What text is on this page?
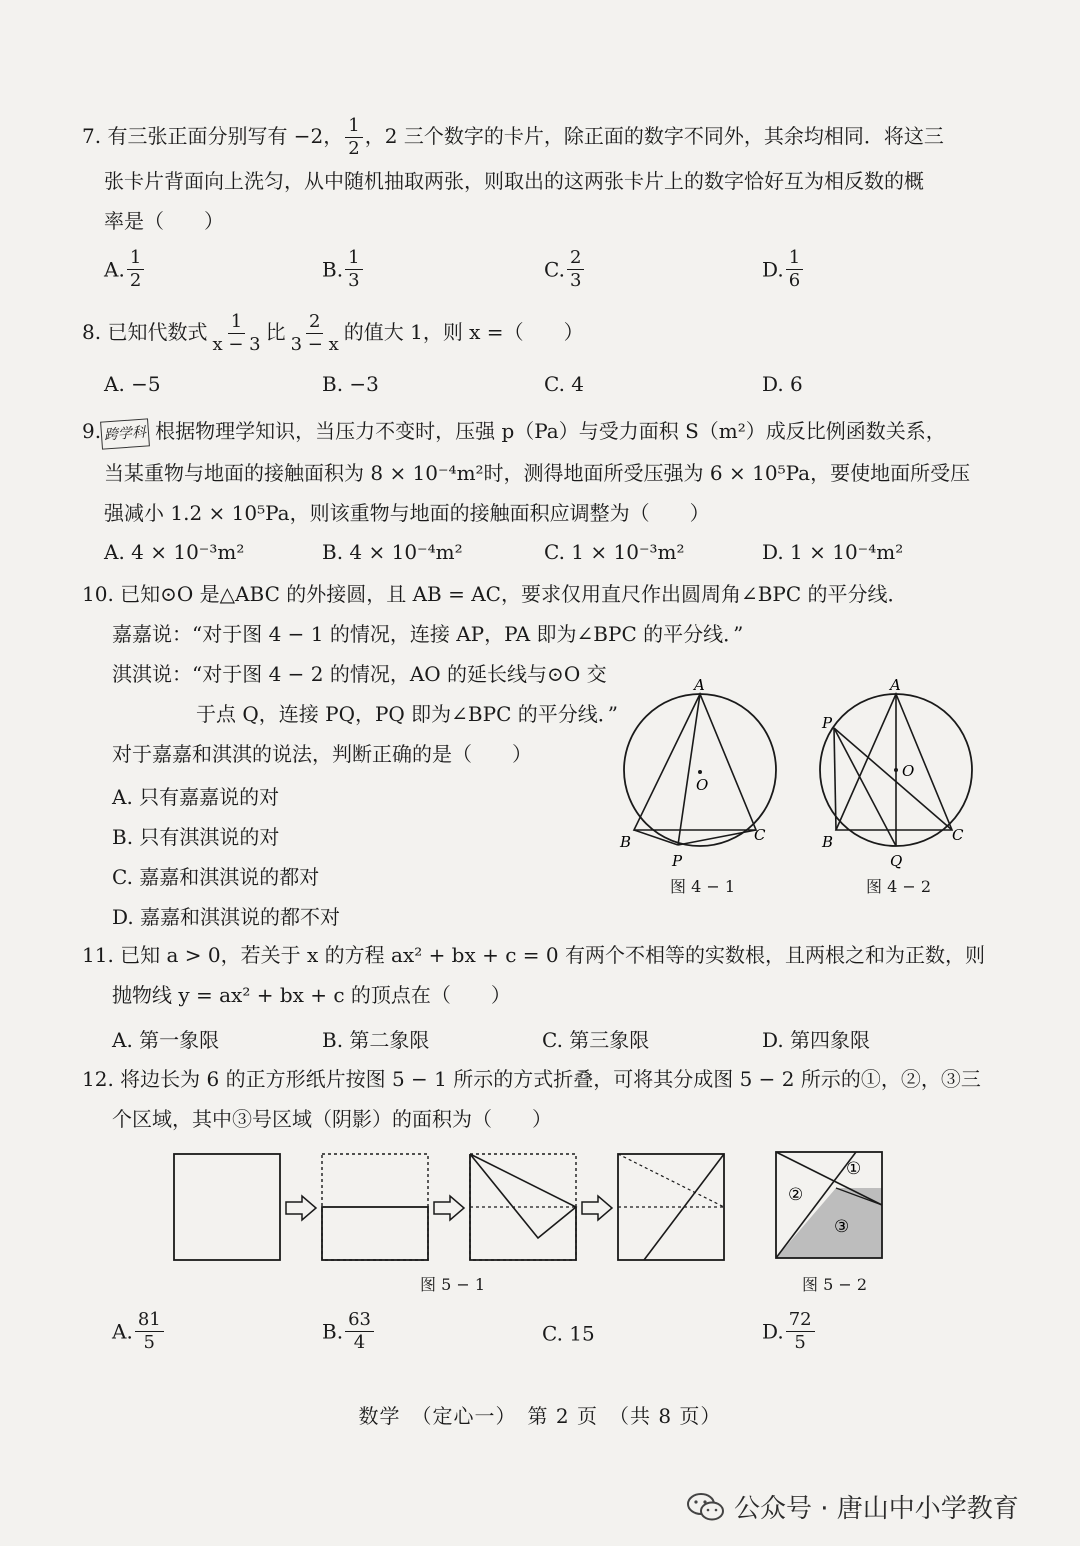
7. 有三张正面分别写有 −2， $\frac{1}{2}$ ，2 三个数字的卡片，除正面的数字不同外，其余均相同．将这三
张卡片背面向上洗匀，从中随机抽取两张，则取出的这两张卡片上的数字恰好互为相反数的概
率是（　　）
A. $\frac{1}{2}$	B. $\frac{1}{3}$	C. $\frac{2}{3}$	D. $\frac{1}{6}$
8. 已知代数式 $\frac{1}{x - 3}$ 比 $\frac{2}{3 - x}$ 的值大 1，则 x =（　　）
A. −5	B. −3	C. 4	D. 6
9. 跨学科 根据物理学知识，当压力不变时，压强 p（Pa）与受力面积 S（m²）成反比例函数关系，
当某重物与地面的接触面积为 8 × 10⁻⁴m²时，测得地面所受压强为 6 × 10⁵Pa，要使地面所受压
强减小 1.2 × 10⁵Pa，则该重物与地面的接触面积应调整为（　　）
A. 4 × 10⁻³m²	B. 4 × 10⁻⁴m²	C. 1 × 10⁻³m²	D. 1 × 10⁻⁴m²
10. 已知⊙O 是△ABC 的外接圆，且 AB = AC，要求仅用直尺作出圆周角∠BPC 的平分线．
嘉嘉说：“对于图 4 − 1 的情况，连接 AP，PA 即为∠BPC 的平分线．”
淇淇说：“对于图 4 − 2 的情况，AO 的延长线与⊙O 交
于点 Q，连接 PQ，PQ 即为∠BPC 的平分线．”
对于嘉嘉和淇淇的说法，判断正确的是（　　）
A. 只有嘉嘉说的对
B. 只有淇淇说的对
C. 嘉嘉和淇淇说的都对
D. 嘉嘉和淇淇说的都不对
A
O
B	C
P
图 4 − 1
A
P
O
B	C
Q
图 4 − 2
11. 已知 a > 0，若关于 x 的方程 ax² + bx + c = 0 有两个不相等的实数根，且两根之和为正数，则
抛物线 y = ax² + bx + c 的顶点在（　　）
A. 第一象限	B. 第二象限	C. 第三象限	D. 第四象限
12. 将边长为 6 的正方形纸片按图 5 − 1 所示的方式折叠，可将其分成图 5 − 2 所示的①，②，③三
个区域，其中③号区域（阴影）的面积为（　　）
图 5 − 1
①
②
③
图 5 − 2
A. $\frac{81}{5}$	B. $\frac{63}{4}$	C. 15	D. $\frac{72}{5}$
数学　（定心一）　第 2 页　（共 8 页）
公众号 · 唐山中小学教育
